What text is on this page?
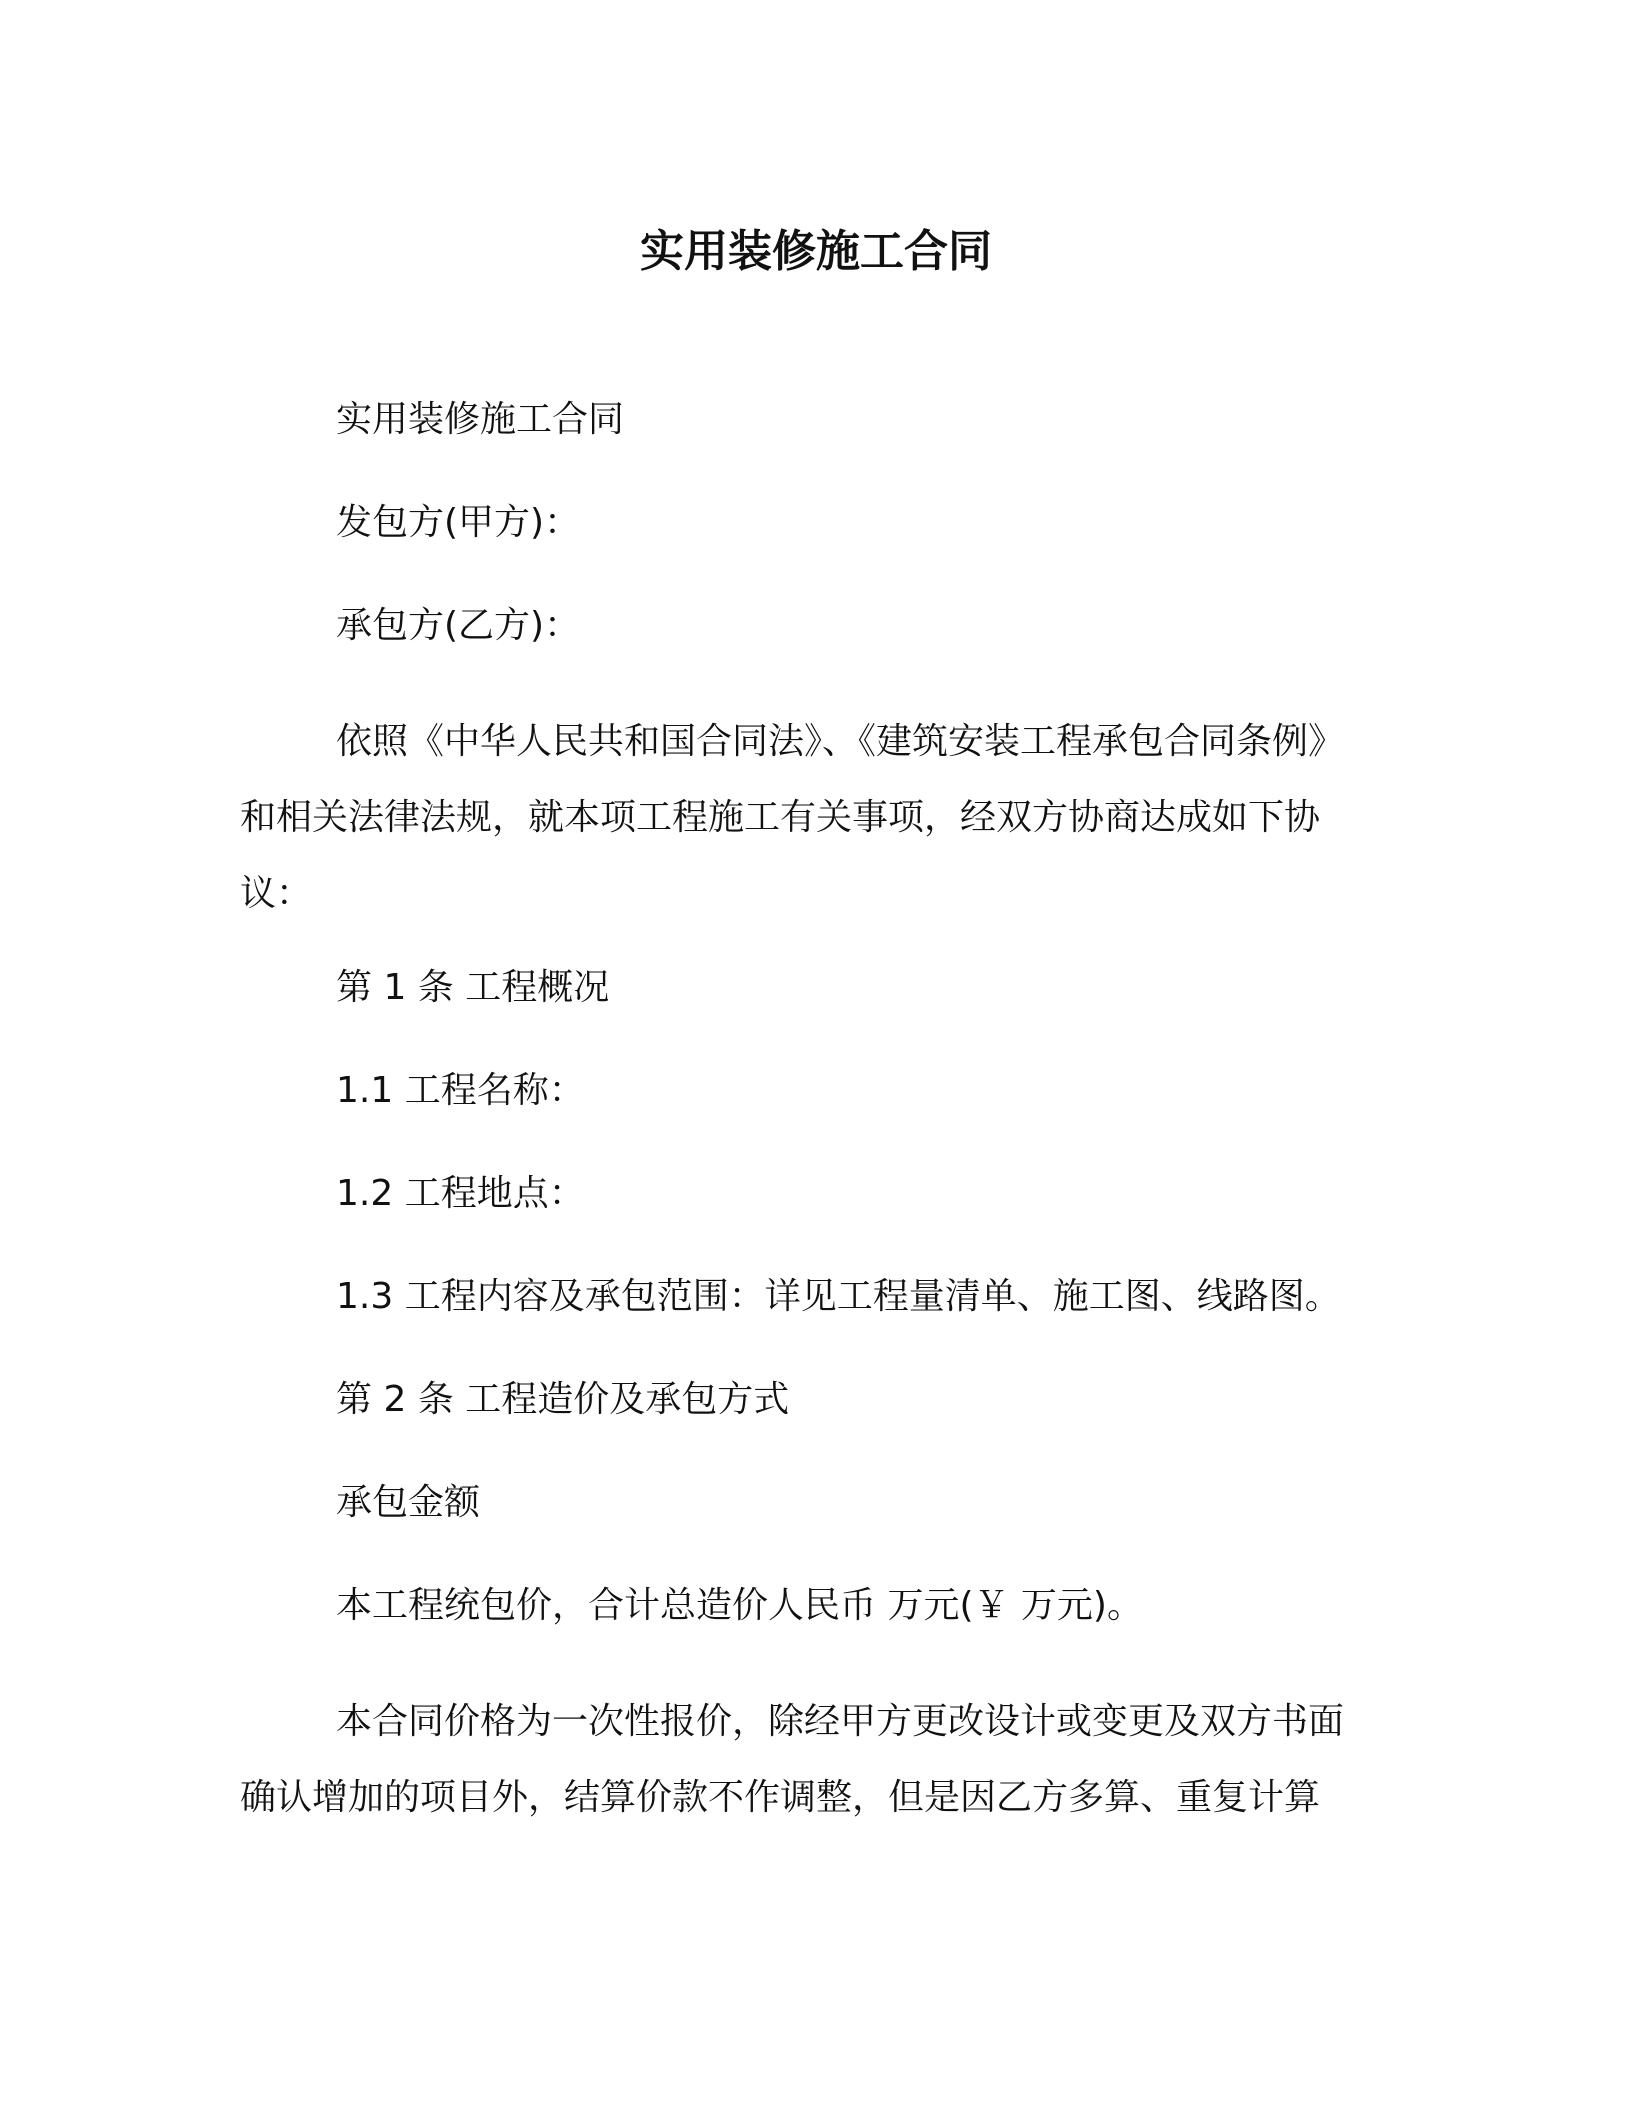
实用装修施工合同

实用装修施工合同

发包方(甲方)：

承包方(乙方)：

依照《中华人民共和国合同法》、《建筑安装工程承包合同条例》
和相关法律法规，就本项工程施工有关事项，经双方协商达成如下协
议：

第 1 条 工程概况

1.1 工程名称：

1.2 工程地点：

1.3 工程内容及承包范围：详见工程量清单、施工图、线路图。

第 2 条 工程造价及承包方式

承包金额

本工程统包价，合计总造价人民币 万元(￥ 万元)。

本合同价格为一次性报价，除经甲方更改设计或变更及双方书面
确认增加的项目外，结算价款不作调整，但是因乙方多算、重复计算
